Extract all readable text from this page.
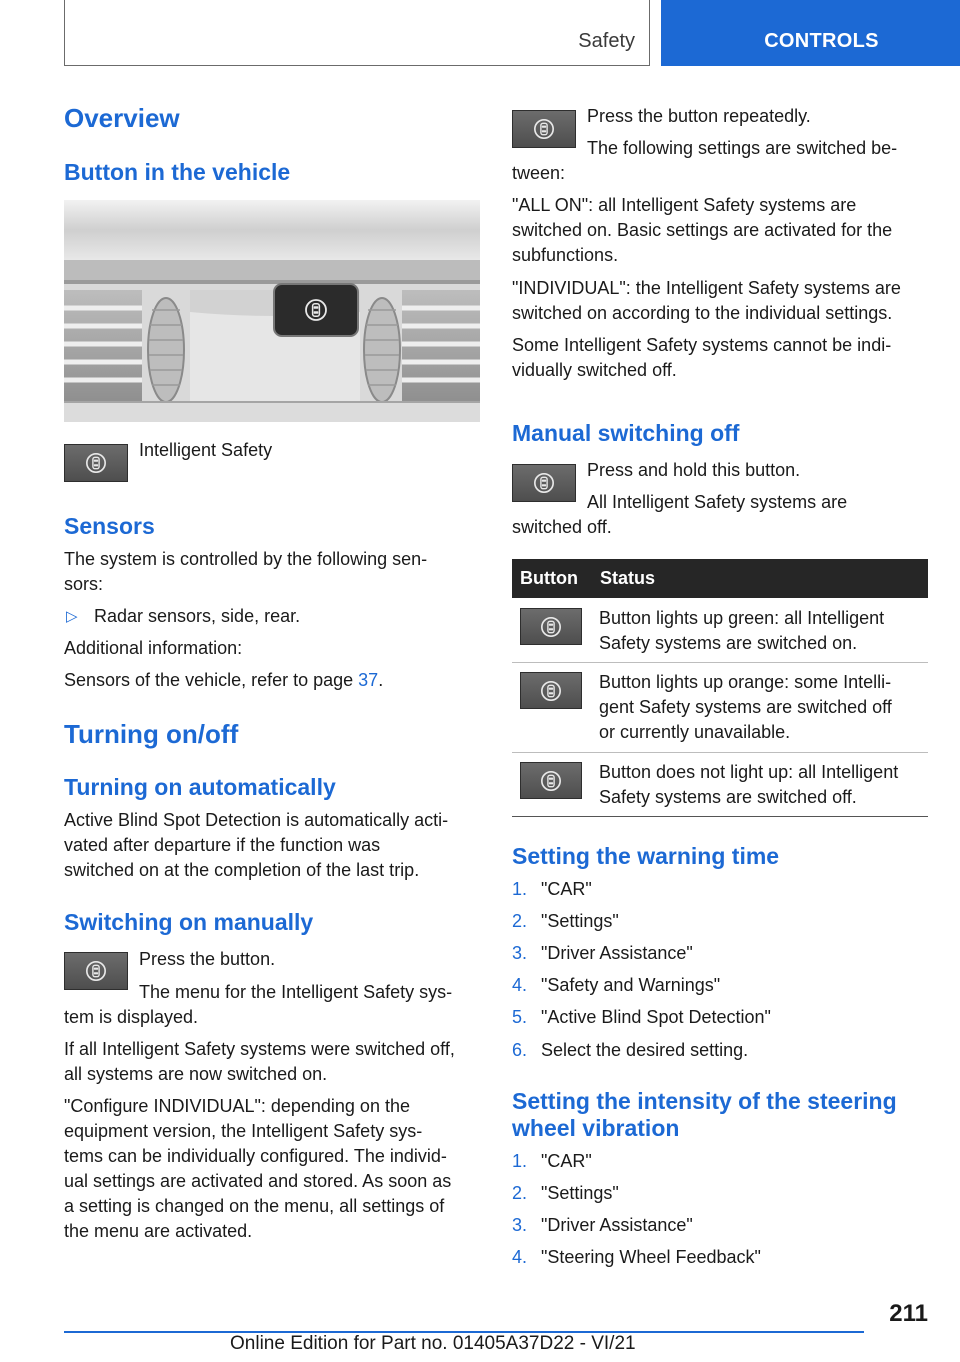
Safety	CONTROLS
Overview
Button in the vehicle
Intelligent Safety
Sensors
The system is controlled by the following sen-
sors:
▷ Radar sensors, side, rear.
Additional information:
Sensors of the vehicle, refer to page 37.
Turning on/off
Turning on automatically
Active Blind Spot Detection is automatically acti-
vated after departure if the function was
switched on at the completion of the last trip.
Switching on manually
Press the button.
The menu for the Intelligent Safety sys-
tem is displayed.
If all Intelligent Safety systems were switched off,
all systems are now switched on.
"Configure INDIVIDUAL": depending on the
equipment version, the Intelligent Safety sys-
tems can be individually configured. The individ-
ual settings are activated and stored. As soon as
a setting is changed on the menu, all settings of
the menu are activated.
Press the button repeatedly.
The following settings are switched be-
tween:
"ALL ON": all Intelligent Safety systems are
switched on. Basic settings are activated for the
subfunctions.
"INDIVIDUAL": the Intelligent Safety systems are
switched on according to the individual settings.
Some Intelligent Safety systems cannot be indi-
vidually switched off.
Manual switching off
Press and hold this button.
All Intelligent Safety systems are
switched off.
Button Status
Button lights up green: all Intelligent
Safety systems are switched on.
Button lights up orange: some Intelli-
gent Safety systems are switched off
or currently unavailable.
Button does not light up: all Intelligent
Safety systems are switched off.
Setting the warning time
1. "CAR"
2. "Settings"
3. "Driver Assistance"
4. "Safety and Warnings"
5. "Active Blind Spot Detection"
6. Select the desired setting.
Setting the intensity of the steering
wheel vibration
1. "CAR"
2. "Settings"
3. "Driver Assistance"
4. "Steering Wheel Feedback"
211
Online Edition for Part no. 01405A37D22 - VI/21
